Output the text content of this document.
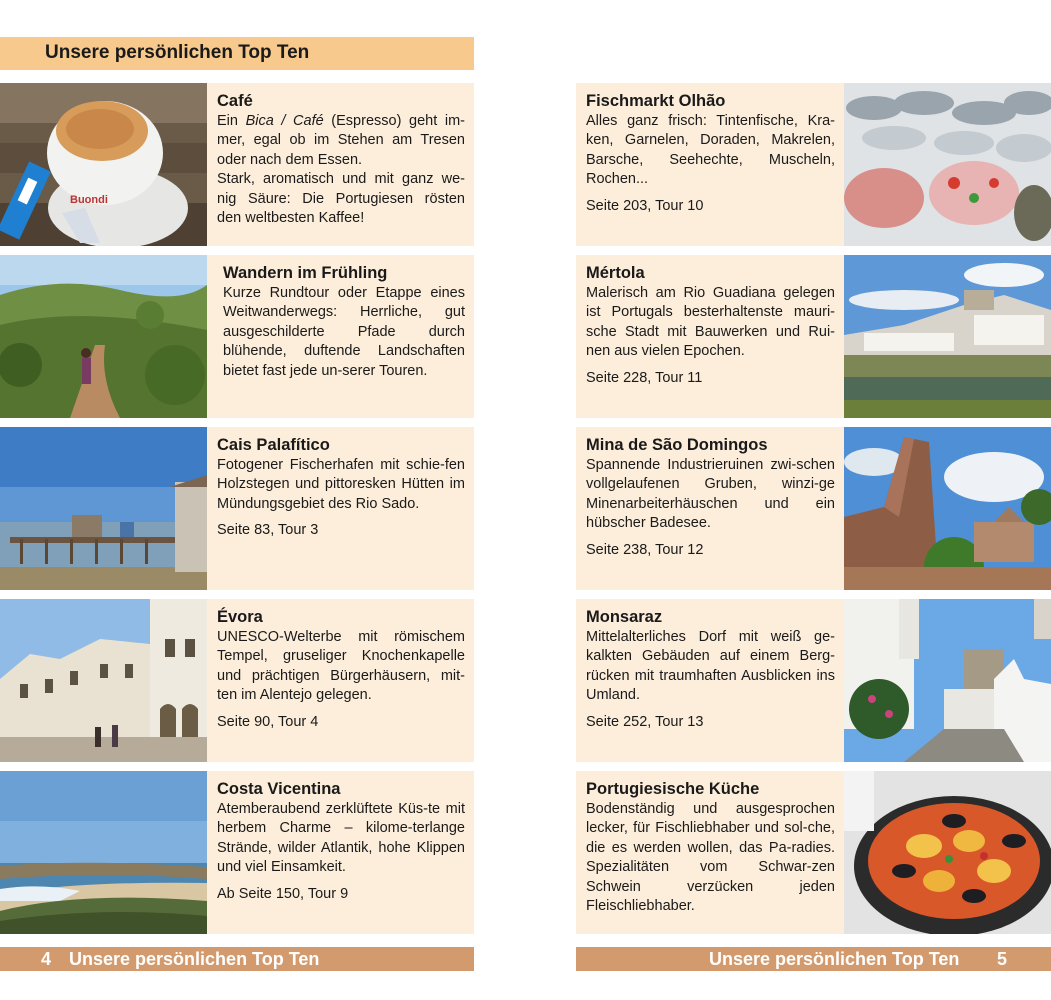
Unsere persönlichen Top Ten
Buondi
Café
Ein Bica / Café (Espresso) geht im-
mer, egal ob im Stehen am Tresen
oder nach dem Essen.
Stark, aromatisch und mit ganz we-
nig Säure: Die Portugiesen rösten
den weltbesten Kaffee!
Wandern im Frühling
Kurze Rundtour oder Etappe eines Weitwanderwegs: Herrliche, gut ausgeschilderte Pfade durch blühende, duftende Landschaften bietet fast jede un-serer Touren.
Cais Palafítico
Fotogener Fischerhafen mit schie-fen Holzstegen und pittoresken Hütten im Mündungsgebiet des Rio Sado.
Seite 83, Tour 3
Évora
UNESCO-Welterbe mit römischem Tempel, gruseliger Knochenkapelle und prächtigen Bürgerhäusern, mit-ten im Alentejo gelegen.
Seite 90, Tour 4
Costa Vicentina
Atemberaubend zerklüftete Küs-te mit herbem Charme – kilome-terlange Strände, wilder Atlantik, hohe Klippen und viel Einsamkeit.
Ab Seite 150, Tour 9
Fischmarkt Olhão
Alles ganz frisch: Tintenfische, Kra-ken, Garnelen, Doraden, Makrelen, Barsche, Seehechte, Muscheln, Rochen...
Seite 203, Tour 10
Mértola
Malerisch am Rio Guadiana gelegen ist Portugals besterhaltenste mauri-sche Stadt mit Bauwerken und Rui-nen aus vielen Epochen.
Seite 228, Tour 11
Mina de São Domingos
Spannende Industrieruinen zwi-schen vollgelaufenen Gruben, winzi-ge Minenarbeiterhäuschen und ein hübscher Badesee.
Seite 238, Tour 12
Monsaraz
Mittelalterliches Dorf mit weiß ge-kalkten Gebäuden auf einem Berg-rücken mit traumhaften Ausblicken ins Umland.
Seite 252, Tour 13
Portugiesische Küche
Bodenständig und ausgesprochen lecker, für Fischliebhaber und sol-che, die es werden wollen, das Pa-radies. Spezialitäten vom Schwar-zen Schwein verzücken jeden Fleischliebhaber.
4 Unsere persönlichen Top Ten	Unsere persönlichen Top Ten 5
